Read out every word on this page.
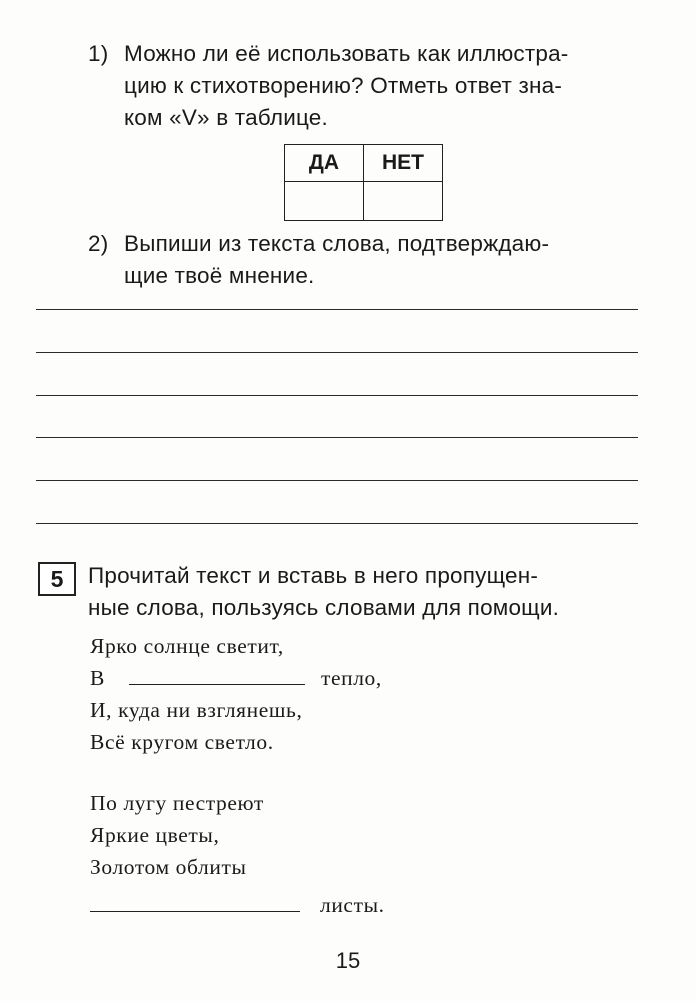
1) Можно ли её использовать как иллюстра-
цию к стихотворению? Отметь ответ зна-
ком «V» в таблице.
ДА	НЕТ

2) Выпиши из текста слова, подтверждаю-
щие твоё мнение.
5	Прочитай текст и вставь в него пропущен-
ные слова, пользуясь словами для помощи.
Ярко солнце светит,
В	тепло,
И, куда ни взглянешь,
Всё кругом светло.
По лугу пестреют
Яркие цветы,
Золотом облиты
листы.
15
